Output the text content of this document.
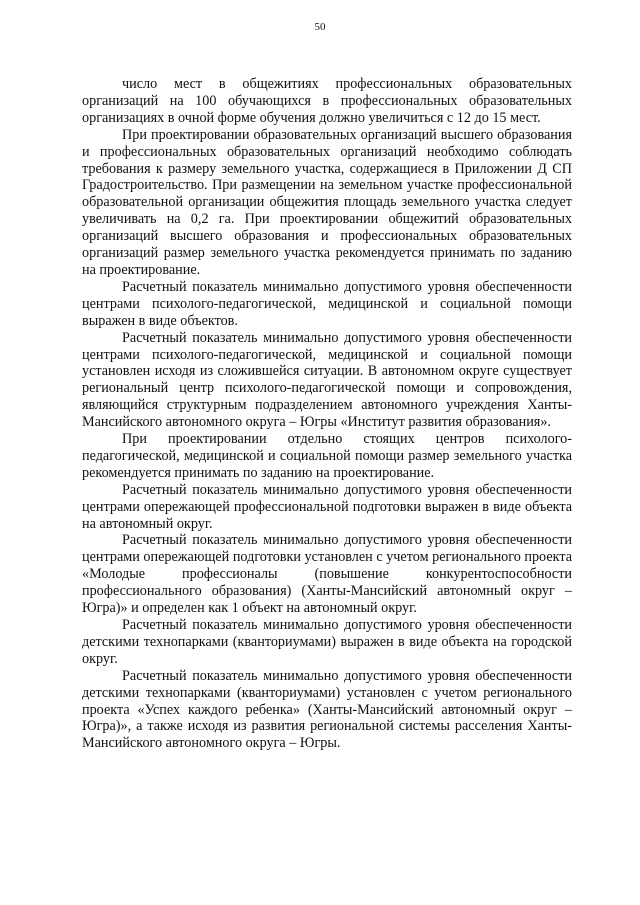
50

число мест в общежитиях профессиональных образовательных организаций на 100 обучающихся в профессиональных образовательных организациях в очной форме обучения должно увеличиться с 12 до 15 мест.

При проектировании образовательных организаций высшего образования и профессиональных образовательных организаций необходимо соблюдать требования к размеру земельного участка, содержащиеся в Приложении Д СП Градостроительство. При размещении на земельном участке профессиональной образовательной организации общежития площадь земельного участка следует увеличивать на 0,2 га. При проектировании общежитий образовательных организаций высшего образования и профессиональных образовательных организаций размер земельного участка рекомендуется принимать по заданию на проектирование.

Расчетный показатель минимально допустимого уровня обеспеченности центрами психолого-педагогической, медицинской и социальной помощи выражен в виде объектов.

Расчетный показатель минимально допустимого уровня обеспеченности центрами психолого-педагогической, медицинской и социальной помощи установлен исходя из сложившейся ситуации. В автономном округе существует региональный центр психолого-педагогической помощи и сопровождения, являющийся структурным подразделением автономного учреждения Ханты-Мансийского автономного округа – Югры «Институт развития образования».

При проектировании отдельно стоящих центров психолого-педагогической, медицинской и социальной помощи размер земельного участка рекомендуется принимать по заданию на проектирование.

Расчетный показатель минимально допустимого уровня обеспеченности центрами опережающей профессиональной подготовки выражен в виде объекта на автономный округ.

Расчетный показатель минимально допустимого уровня обеспеченности центрами опережающей подготовки установлен с учетом регионального проекта «Молодые профессионалы (повышение конкурентоспособности профессионального образования) (Ханты-Мансийский автономный округ – Югра)» и определен как 1 объект на автономный округ.

Расчетный показатель минимально допустимого уровня обеспеченности детскими технопарками (кванториумами) выражен в виде объекта на городской округ.

Расчетный показатель минимально допустимого уровня обеспеченности детскими технопарками (кванториумами) установлен с учетом регионального проекта «Успех каждого ребенка» (Ханты-Мансийский автономный округ – Югра)», а также исходя из развития региональной системы расселения Ханты-Мансийского автономного округа – Югры.
